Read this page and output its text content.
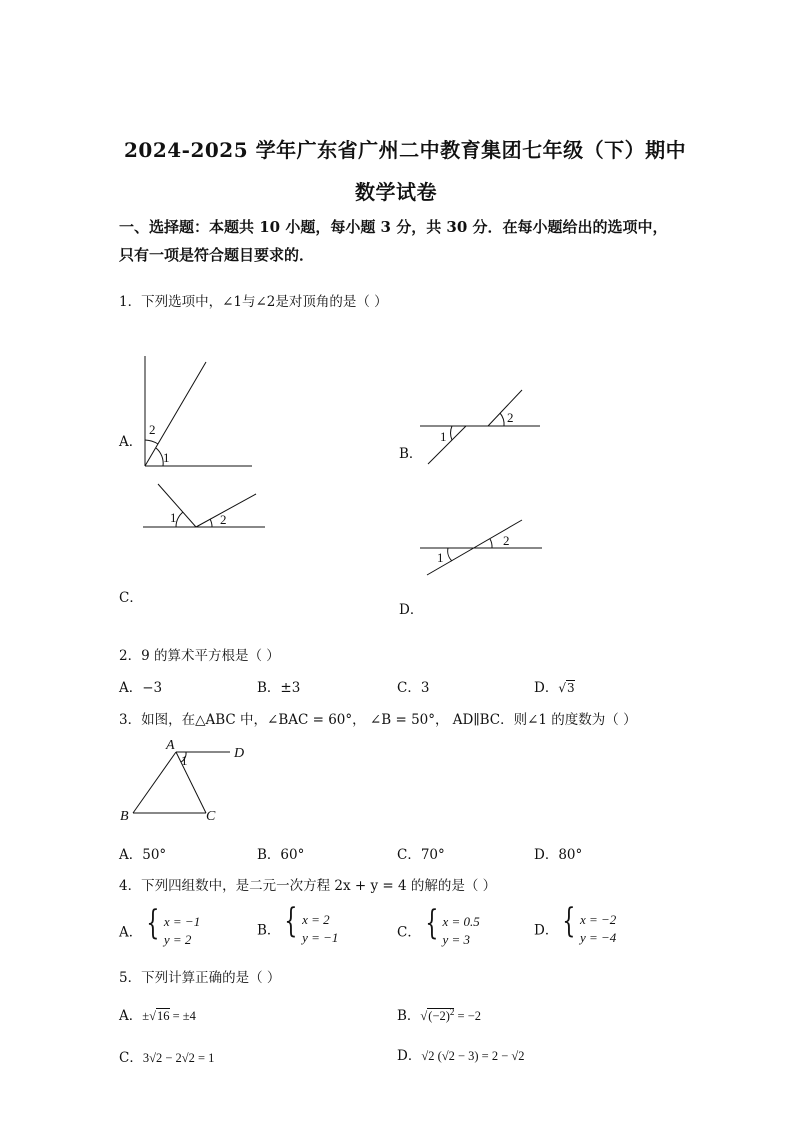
2024-2025 学年广东省广州二中教育集团七年级（下）期中
数学试卷
一、选择题：本题共 10 小题，每小题 3 分，共 30 分．在每小题给出的选项中，
只有一项是符合题目要求的．
1．下列选项中，∠1与∠2是对顶角的是（ ）
A．
2
1	B．
1
2
C．
1	2
D．
1
2
2．9 的算术平方根是（ ）
A．−3	B．±3	C．3	D．√3
3．如图，在△ABC 中，∠BAC = 60°， ∠B = 50°， AD∥BC．则∠1 的度数为（ ）
A
D
B	C
1
A．50°	B．60°	C．70°	D．80°
4．下列四组数中，是二元一次方程 2x + y = 4 的解的是（ ）
A． { x = −1
y = 2
B． { x = 2
y = −1	C． { x = 0.5
y = 3
D． { x = −2
y = −4
5．下列计算正确的是（ ）
A．±√16 = ±4	B．$√(-2)^2 = -2$
C．3√2 − 2√2 = 1	D．√2 (√2 − 3) = 2 − √2
